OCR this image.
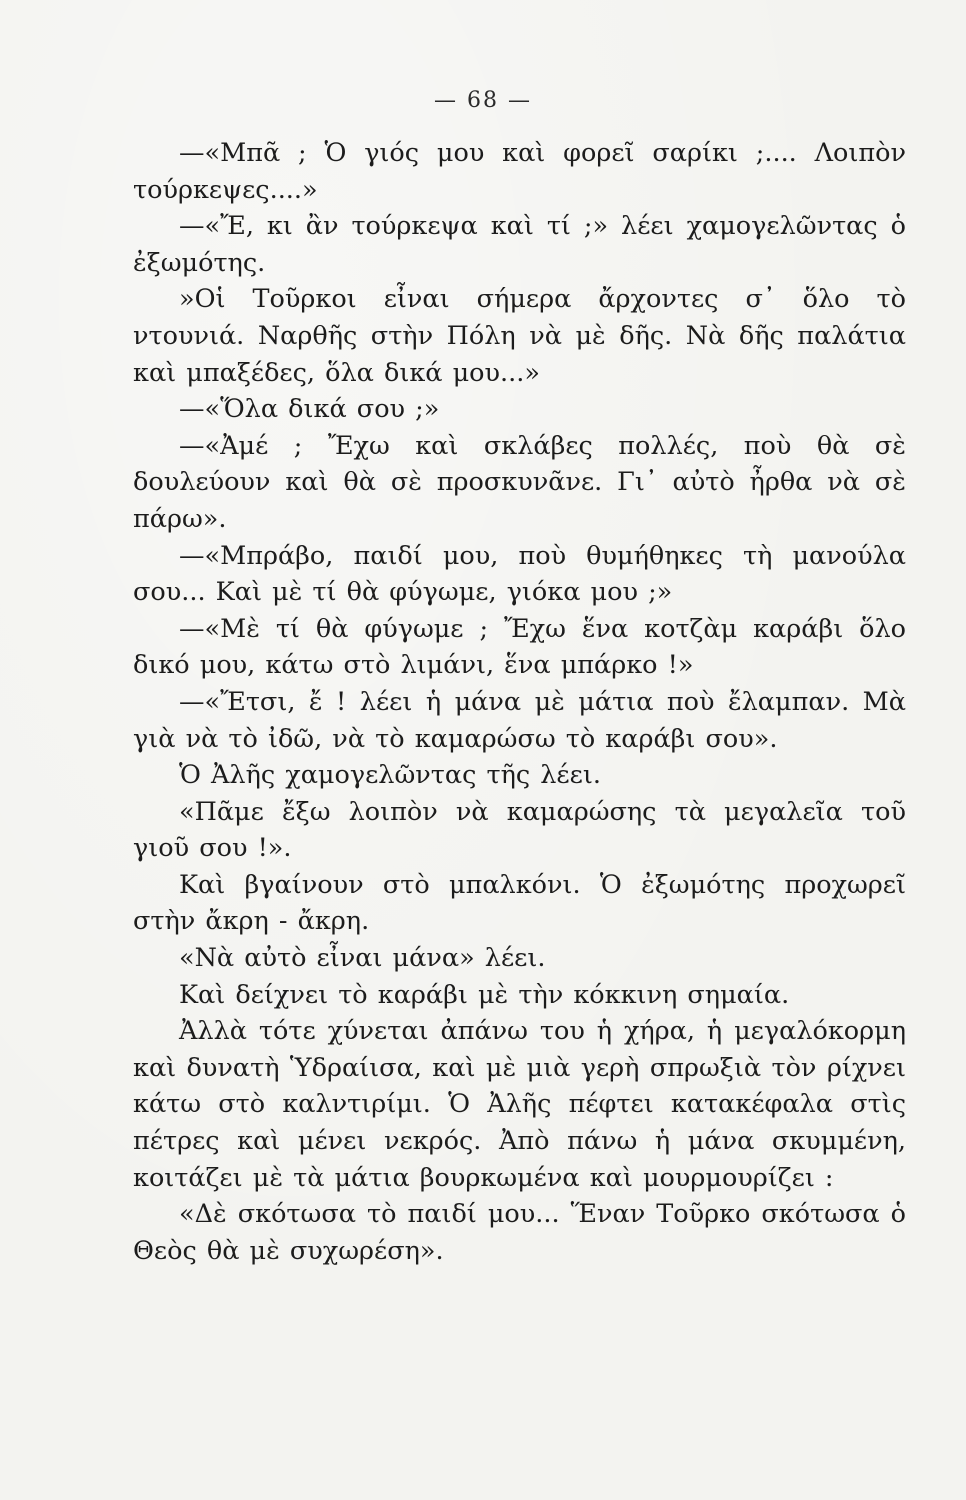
— 68 —

—«Μπᾶ ; Ὁ γιός μου καὶ φορεῖ σαρίκι ;.... Λοιπὸν τούρκεψες....»

—«Ἔ, κι ἂν τούρκεψα καὶ τί ;» λέει χαμογελῶντας ὁ ἐξωμότης.

»Οἱ Τοῦρκοι εἶναι σήμερα ἄρχοντες σ᾽ ὅλο τὸ ντουνιά. Ναρθῆς στὴν Πόλη νὰ μὲ δῆς. Νὰ δῆς παλάτια καὶ μπαξέδες, ὅλα δικά μου...»

—«Ὅλα δικά σου ;»

—«Ἀμέ ; Ἔχω καὶ σκλάβες πολλές, ποὺ θὰ σὲ δουλεύουν καὶ θὰ σὲ προσκυνᾶνε. Γι᾽ αὐτὸ ἦρθα νὰ σὲ πάρω».

—«Μπράβο, παιδί μου, ποὺ θυμήθηκες τὴ μανούλα σου... Καὶ μὲ τί θὰ φύγωμε, γιόκα μου ;»

—«Μὲ τί θὰ φύγωμε ; Ἔχω ἕνα κοτζὰμ καράβι ὅλο δικό μου, κάτω στὸ λιμάνι, ἕνα μπάρκο !»

—«Ἔτσι, ἔ ! λέει ἡ μάνα μὲ μάτια ποὺ ἔλαμπαν. Μὰ γιὰ νὰ τὸ ἰδῶ, νὰ τὸ καμαρώσω τὸ καράβι σου».

Ὁ Ἀλῆς χαμογελῶντας τῆς λέει.

«Πᾶμε ἔξω λοιπὸν νὰ καμαρώσης τὰ μεγαλεῖα τοῦ γιοῦ σου !».

Καὶ βγαίνουν στὸ μπαλκόνι. Ὁ ἐξωμότης προχωρεῖ στὴν ἄκρη - ἄκρη.

«Νὰ αὐτὸ εἶναι μάνα» λέει.

Καὶ δείχνει τὸ καράβι μὲ τὴν κόκκινη σημαία.

Ἀλλὰ τότε χύνεται ἀπάνω του ἡ χήρα, ἡ μεγαλόκορμη καὶ δυνατὴ Ὑδραίισα, καὶ μὲ μιὰ γερὴ σπρωξιὰ τὸν ρίχνει κάτω στὸ καλντιρίμι. Ὁ Ἀλῆς πέφτει κατακέφαλα στὶς πέτρες καὶ μένει νεκρός. Ἀπὸ πάνω ἡ μάνα σκυμμένη, κοιτάζει μὲ τὰ μάτια βουρκωμένα καὶ μουρμουρίζει :

«Δὲ σκότωσα τὸ παιδί μου... Ἕναν Τοῦρκο σκότωσα ὁ Θεὸς θὰ μὲ συχωρέση».
